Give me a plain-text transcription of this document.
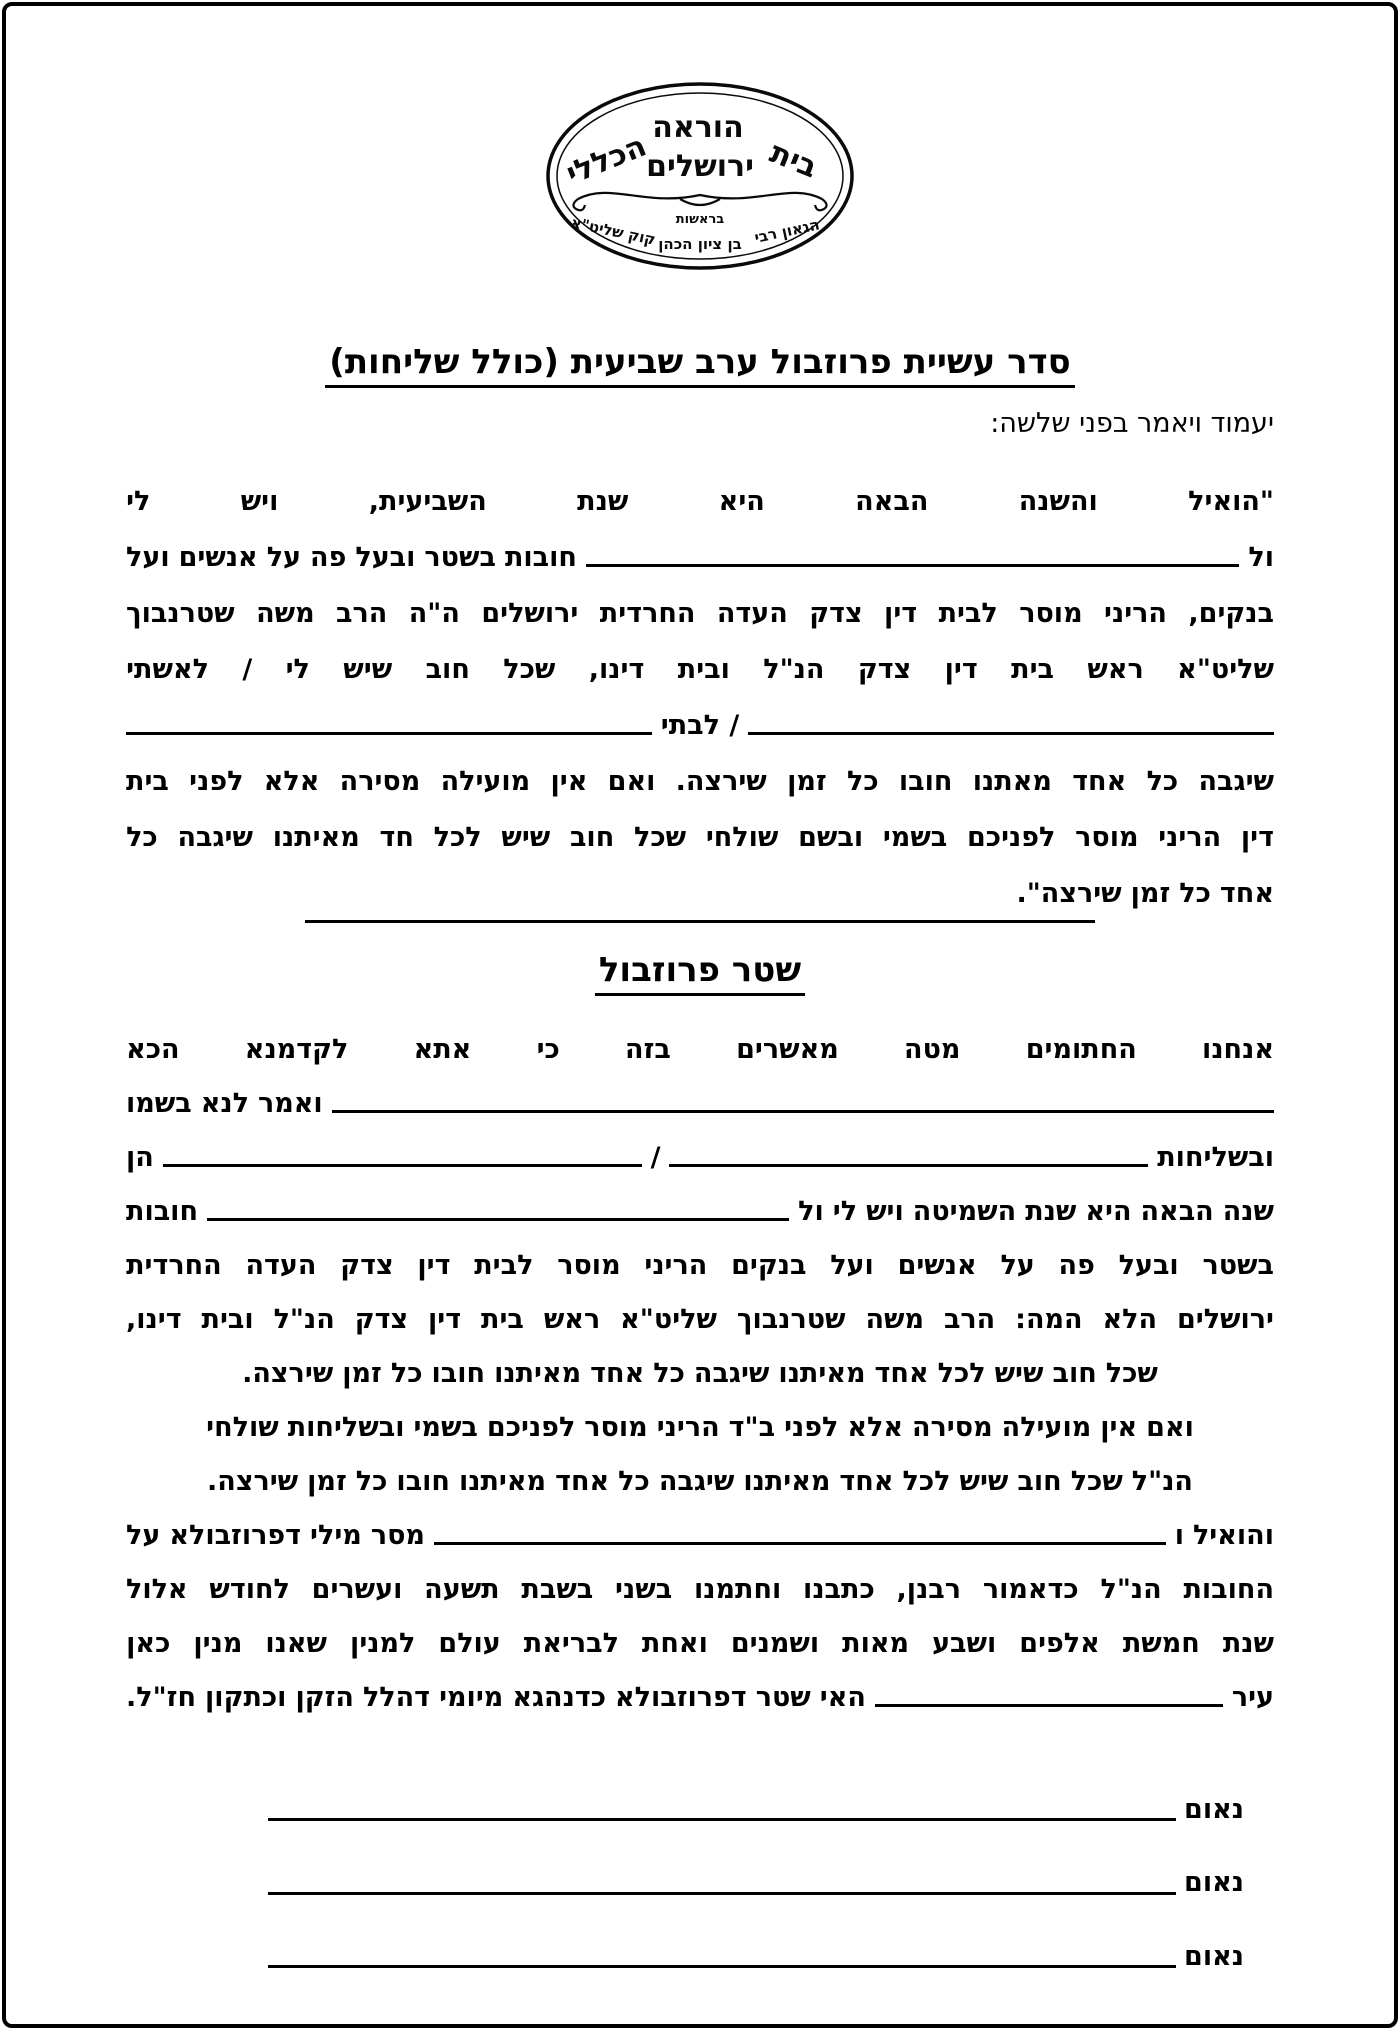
בית
הוראה
הכללי
ירושלים
בראשות הגאון רבי
בן ציון הכהן
קוק שליט"א
סדר עשיית פרוזבול ערב שביעית (כולל שליחות)
יעמוד ויאמר בפני שלשה:
"הואיל
והשנה
הבאה
היא
שנת
השביעית,
ויש
לי
ול
חובות
בשטר
ובעל
פה
על
אנשים
ועל
בנקים,
הריני
מוסר
לבית
דין
צדק
העדה
החרדית
ירושלים
ה"ה
הרב
משה
שטרנבוך
שליט"א
ראש
בית
דין
צדק
הנ"ל
ובית
דינו,
שכל
חוב
שיש
לי
/
לאשתי
/ לבתי
שיגבה
כל
אחד
מאתנו
חובו
כל
זמן
שירצה.
ואם
אין
מועילה
מסירה
אלא
לפני
בית
דין
הריני
מוסר
לפניכם
בשמי
ובשם
שולחי
שכל
חוב
שיש
לכל
חד
מאיתנו
שיגבה
כל
אחד
כל
זמן
שירצה".
שטר פרוזבול
אנחנו
החתומים
מטה
מאשרים
בזה
כי
אתא
לקדמנא
הכא
ואמר
לנא
בשמו
ובשליחות
/
הן
שנה
הבאה
היא
שנת
השמיטה
ויש
לי
ול
חובות
בשטר
ובעל
פה
על
אנשים
ועל
בנקים
הריני
מוסר
לבית
דין
צדק
העדה
החרדית
ירושלים
הלא
המה:
הרב
משה
שטרנבוך
שליט"א
ראש
בית
דין
צדק
הנ"ל
ובית
דינו,
שכל
חוב
שיש
לכל
אחד
מאיתנו
שיגבה
כל
אחד
מאיתנו
חובו
כל
זמן
שירצה.
ואם
אין
מועילה
מסירה
אלא
לפני
ב"ד
הריני
מוסר
לפניכם
בשמי
ובשליחות
שולחי
הנ"ל
שכל
חוב
שיש
לכל
אחד
מאיתנו
שיגבה
כל
אחד
מאיתנו
חובו
כל
זמן
שירצה.
והואיל
ו
מסר
מילי
דפרוזבולא
על
החובות
הנ"ל
כדאמור
רבנן,
כתבנו
וחתמנו
בשני
בשבת
תשעה
ועשרים
לחודש
אלול
שנת
חמשת
אלפים
ושבע
מאות
ושמנים
ואחת
לבריאת
עולם
למנין
שאנו
מנין
כאן
עיר
האי
שטר
דפרוזבולא
כדנהגא
מיומי
דהלל
הזקן
וכתקון
חז"ל.
נאום
נאום
נאום
